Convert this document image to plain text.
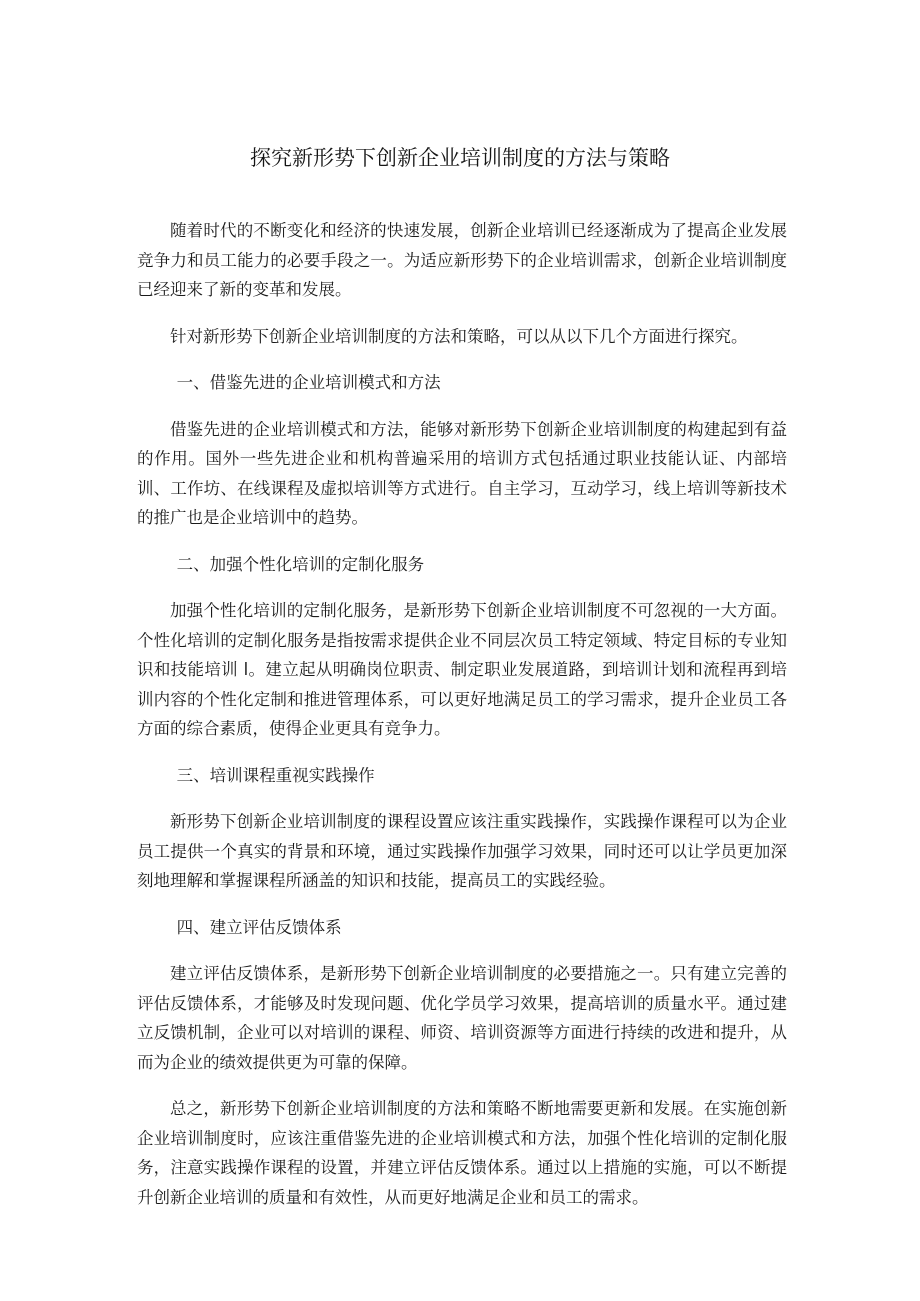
探究新形势下创新企业培训制度的方法与策略

随着时代的不断变化和经济的快速发展，创新企业培训已经逐渐成为了提高企业发展竞争力和员工能力的必要手段之一。为适应新形势下的企业培训需求，创新企业培训制度已经迎来了新的变革和发展。

针对新形势下创新企业培训制度的方法和策略，可以从以下几个方面进行探究。

一、借鉴先进的企业培训模式和方法

借鉴先进的企业培训模式和方法，能够对新形势下创新企业培训制度的构建起到有益的作用。国外一些先进企业和机构普遍采用的培训方式包括通过职业技能认证、内部培训、工作坊、在线课程及虚拟培训等方式进行。自主学习，互动学习，线上培训等新技术的推广也是企业培训中的趋势。

二、加强个性化培训的定制化服务

加强个性化培训的定制化服务，是新形势下创新企业培训制度不可忽视的一大方面。个性化培训的定制化服务是指按需求提供企业不同层次员工特定领域、特定目标的专业知识和技能培训 l。建立起从明确岗位职责、制定职业发展道路，到培训计划和流程再到培训内容的个性化定制和推进管理体系，可以更好地满足员工的学习需求，提升企业员工各方面的综合素质，使得企业更具有竞争力。

三、培训课程重视实践操作

新形势下创新企业培训制度的课程设置应该注重实践操作，实践操作课程可以为企业员工提供一个真实的背景和环境，通过实践操作加强学习效果，同时还可以让学员更加深刻地理解和掌握课程所涵盖的知识和技能，提高员工的实践经验。

四、建立评估反馈体系

建立评估反馈体系，是新形势下创新企业培训制度的必要措施之一。只有建立完善的评估反馈体系，才能够及时发现问题、优化学员学习效果，提高培训的质量水平。通过建立反馈机制，企业可以对培训的课程、师资、培训资源等方面进行持续的改进和提升，从而为企业的绩效提供更为可靠的保障。

总之，新形势下创新企业培训制度的方法和策略不断地需要更新和发展。在实施创新企业培训制度时，应该注重借鉴先进的企业培训模式和方法，加强个性化培训的定制化服务，注意实践操作课程的设置，并建立评估反馈体系。通过以上措施的实施，可以不断提升创新企业培训的质量和有效性，从而更好地满足企业和员工的需求。
